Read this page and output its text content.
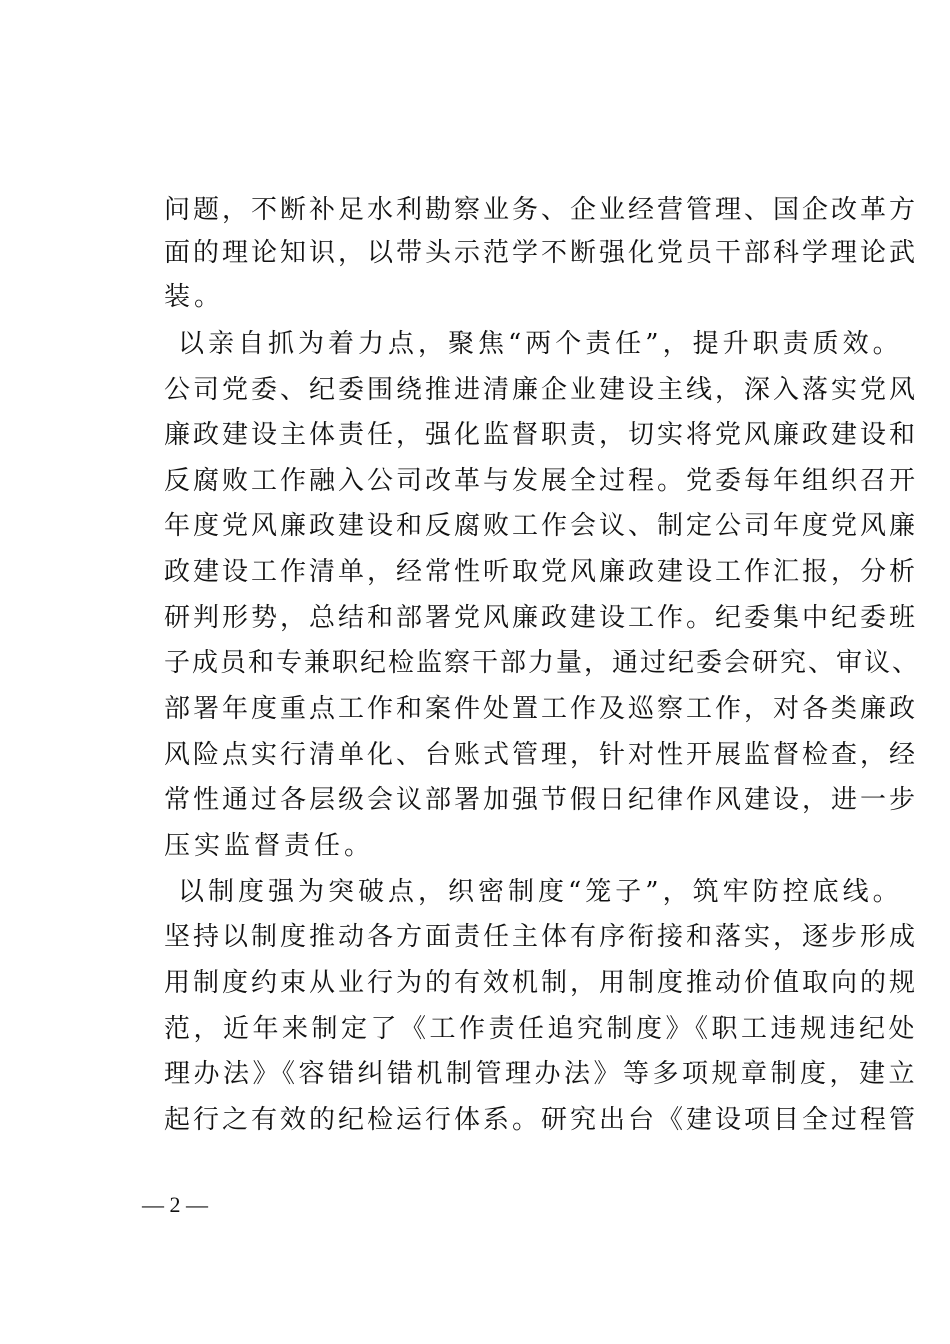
问题，不断补足水利勘察业务、企业经营管理、国企改革方
面的理论知识，以带头示范学不断强化党员干部科学理论武
装。
以亲自抓为着力点，聚焦“两个责任”，提升职责质效。
公司党委、纪委围绕推进清廉企业建设主线，深入落实党风
廉政建设主体责任，强化监督职责，切实将党风廉政建设和
反腐败工作融入公司改革与发展全过程。党委每年组织召开
年度党风廉政建设和反腐败工作会议、制定公司年度党风廉
政建设工作清单，经常性听取党风廉政建设工作汇报，分析
研判形势，总结和部署党风廉政建设工作。纪委集中纪委班
子成员和专兼职纪检监察干部力量，通过纪委会研究、审议、
部署年度重点工作和案件处置工作及巡察工作，对各类廉政
风险点实行清单化、台账式管理，针对性开展监督检查，经
常性通过各层级会议部署加强节假日纪律作风建设，进一步
压实监督责任。
以制度强为突破点，织密制度“笼子”，筑牢防控底线。
坚持以制度推动各方面责任主体有序衔接和落实，逐步形成
用制度约束从业行为的有效机制，用制度推动价值取向的规
范，近年来制定了《工作责任追究制度》《职工违规违纪处
理办法》《容错纠错机制管理办法》等多项规章制度，建立
起行之有效的纪检运行体系。研究出台《建设项目全过程管
— 2 —
